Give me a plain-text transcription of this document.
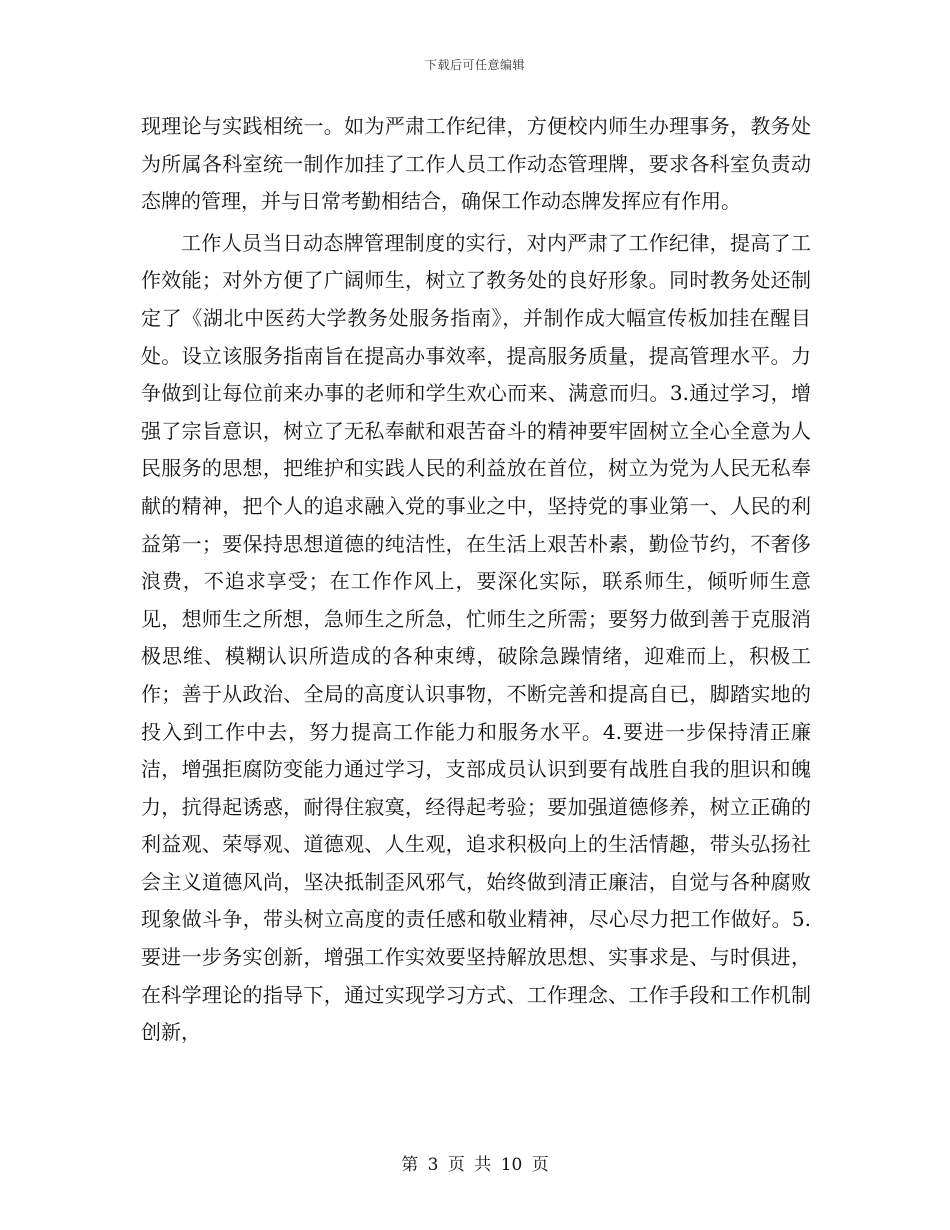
下载后可任意编辑

现理论与实践相统一。如为严肃工作纪律，方便校内师生办理事务，教务处为所属各科室统一制作加挂了工作人员工作动态管理牌，要求各科室负责动态牌的管理，并与日常考勤相结合，确保工作动态牌发挥应有作用。

工作人员当日动态牌管理制度的实行，对内严肃了工作纪律，提高了工作效能；对外方便了广阔师生，树立了教务处的良好形象。同时教务处还制定了《湖北中医药大学教务处服务指南》，并制作成大幅宣传板加挂在醒目处。设立该服务指南旨在提高办事效率，提高服务质量，提高管理水平。力争做到让每位前来办事的老师和学生欢心而来、满意而归。3.通过学习，增强了宗旨意识，树立了无私奉献和艰苦奋斗的精神要牢固树立全心全意为人民服务的思想，把维护和实践人民的利益放在首位，树立为党为人民无私奉献的精神，把个人的追求融入党的事业之中，坚持党的事业第一、人民的利益第一；要保持思想道德的纯洁性，在生活上艰苦朴素，勤俭节约，不奢侈浪费，不追求享受；在工作作风上，要深化实际，联系师生，倾听师生意见，想师生之所想，急师生之所急，忙师生之所需；要努力做到善于克服消极思维、模糊认识所造成的各种束缚，破除急躁情绪，迎难而上，积极工作；善于从政治、全局的高度认识事物，不断完善和提高自已，脚踏实地的投入到工作中去，努力提高工作能力和服务水平。4.要进一步保持清正廉洁，增强拒腐防变能力通过学习，支部成员认识到要有战胜自我的胆识和魄力，抗得起诱惑，耐得住寂寞，经得起考验；要加强道德修养，树立正确的利益观、荣辱观、道德观、人生观，追求积极向上的生活情趣，带头弘扬社会主义道德风尚，坚决抵制歪风邪气，始终做到清正廉洁，自觉与各种腐败现象做斗争，带头树立高度的责任感和敬业精神，尽心尽力把工作做好。5.要进一步务实创新，增强工作实效要坚持解放思想、实事求是、与时俱进，在科学理论的指导下，通过实现学习方式、工作理念、工作手段和工作机制创新，

第 3 页 共 10 页
